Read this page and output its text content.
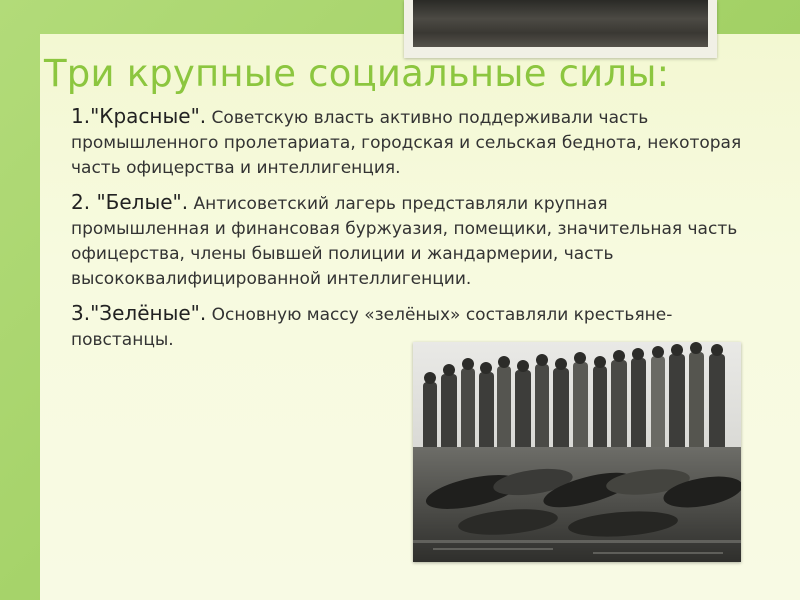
Три крупные социальные силы:

1."Красные". Советскую власть активно поддерживали часть промышленного пролетариата, городская и сельская беднота, некоторая часть офицерства и интеллигенция.

2. "Белые". Антисоветский лагерь представляли крупная промышленная и финансовая буржуазия, помещики, значительная часть офицерства, члены бывшей полиции и жандармерии, часть высококвалифицированной интеллигенции.

3."Зелёные". Основную массу «зелёных» составляли крестьяне-повстанцы.
